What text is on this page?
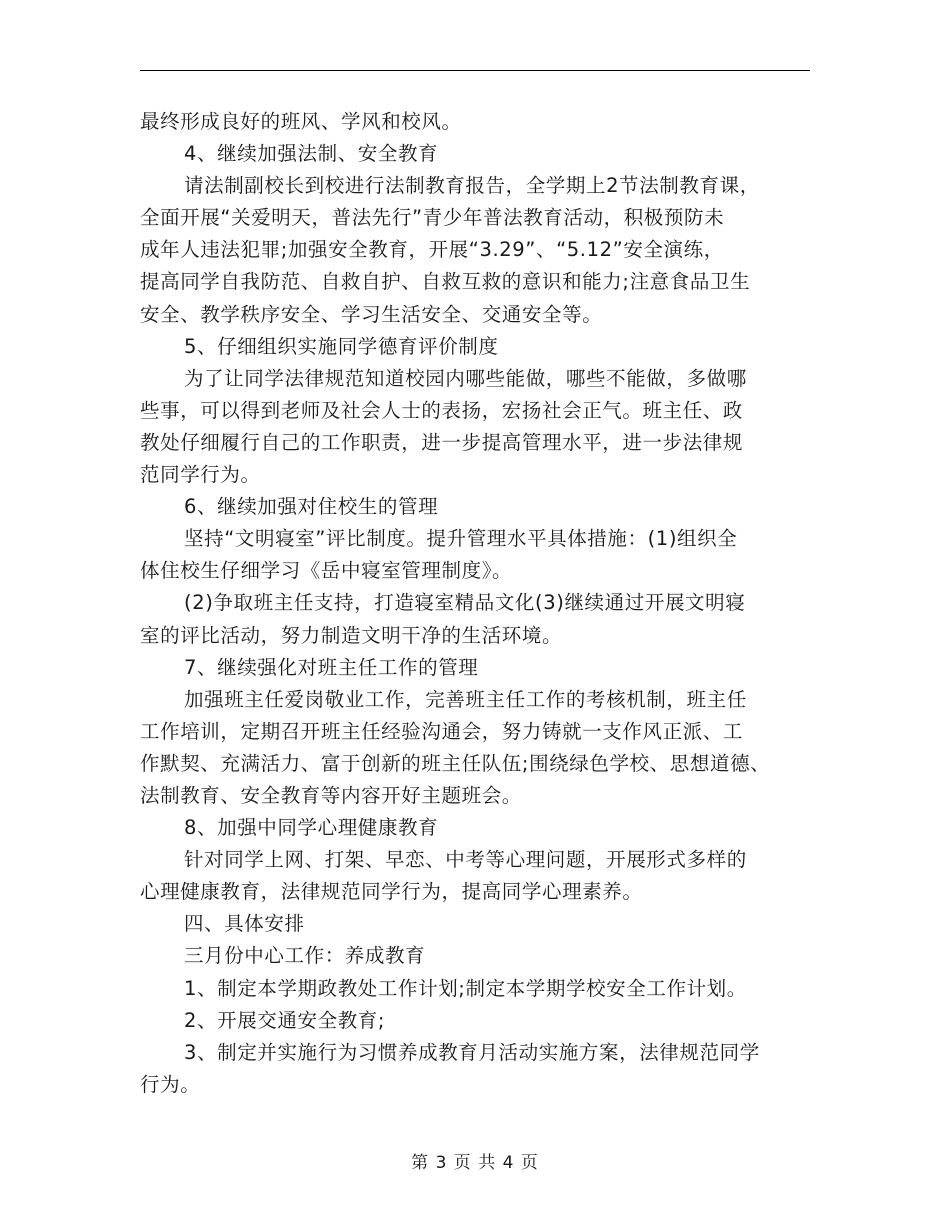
最终形成良好的班风、学风和校风。
4、继续加强法制、安全教育
请法制副校长到校进行法制教育报告，全学期上2节法制教育课，
全面开展“关爱明天，普法先行”青少年普法教育活动，积极预防未
成年人违法犯罪;加强安全教育，开展“3.29”、“5.12”安全演练，
提高同学自我防范、自救自护、自救互救的意识和能力;注意食品卫生
安全、教学秩序安全、学习生活安全、交通安全等。
5、仔细组织实施同学德育评价制度
为了让同学法律规范知道校园内哪些能做，哪些不能做，多做哪
些事，可以得到老师及社会人士的表扬，宏扬社会正气。班主任、政
教处仔细履行自己的工作职责，进一步提高管理水平，进一步法律规
范同学行为。
6、继续加强对住校生的管理
坚持“文明寝室”评比制度。提升管理水平具体措施：(1)组织全
体住校生仔细学习《岳中寝室管理制度》。
(2)争取班主任支持，打造寝室精品文化(3)继续通过开展文明寝
室的评比活动，努力制造文明干净的生活环境。
7、继续强化对班主任工作的管理
加强班主任爱岗敬业工作，完善班主任工作的考核机制，班主任
工作培训，定期召开班主任经验沟通会，努力铸就一支作风正派、工
作默契、充满活力、富于创新的班主任队伍;围绕绿色学校、思想道德、
法制教育、安全教育等内容开好主题班会。
8、加强中同学心理健康教育
针对同学上网、打架、早恋、中考等心理问题，开展形式多样的
心理健康教育，法律规范同学行为，提高同学心理素养。
四、具体安排
三月份中心工作：养成教育
1、制定本学期政教处工作计划;制定本学期学校安全工作计划。
2、开展交通安全教育;
3、制定并实施行为习惯养成教育月活动实施方案，法律规范同学
行为。
第 3 页 共 4 页
